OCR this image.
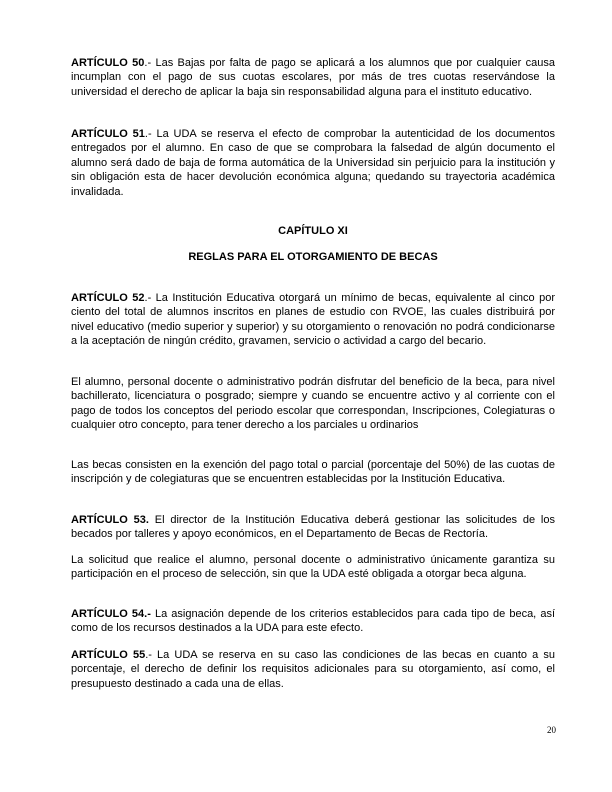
ARTÍCULO 50.- Las Bajas por falta de pago se aplicará a los alumnos que por cualquier causa incumplan con el pago de sus cuotas escolares, por más de tres cuotas reservándose la universidad el derecho de aplicar la baja sin responsabilidad alguna para el instituto educativo.

ARTÍCULO 51.- La UDA se reserva el efecto de comprobar la autenticidad de los documentos entregados por el alumno. En caso de que se comprobara la falsedad de algún documento el alumno será dado de baja de forma automática de la Universidad sin perjuicio para la institución y sin obligación esta de hacer devolución económica alguna; quedando su trayectoria académica invalidada.

CAPÍTULO XI

REGLAS PARA EL OTORGAMIENTO DE BECAS

ARTÍCULO 52.- La Institución Educativa otorgará un mínimo de becas, equivalente al cinco por ciento del total de alumnos inscritos en planes de estudio con RVOE, las cuales distribuirá por nivel educativo (medio superior y superior) y su otorgamiento o renovación no podrá condicionarse a la aceptación de ningún crédito, gravamen, servicio o actividad a cargo del becario.

El alumno, personal docente o administrativo podrán disfrutar del beneficio de la beca, para nivel bachillerato, licenciatura o posgrado; siempre y cuando se encuentre activo y al corriente con el pago de todos los conceptos del periodo escolar que correspondan, Inscripciones, Colegiaturas o cualquier otro concepto, para tener derecho a los parciales u ordinarios

Las becas consisten en la exención del pago total o parcial (porcentaje del 50%) de las cuotas de inscripción y de colegiaturas que se encuentren establecidas por la Institución Educativa.

ARTÍCULO 53. El director de la Institución Educativa deberá gestionar las solicitudes de los becados por talleres y apoyo económicos, en el Departamento de Becas de Rectoría.

La solicitud que realice el alumno, personal docente o administrativo únicamente garantiza su participación en el proceso de selección, sin que la UDA esté obligada a otorgar beca alguna.

ARTÍCULO 54.- La asignación depende de los criterios establecidos para cada tipo de beca, así como de los recursos destinados a la UDA para este efecto.

ARTÍCULO 55.- La UDA se reserva en su caso las condiciones de las becas en cuanto a su porcentaje, el derecho de definir los requisitos adicionales para su otorgamiento, así como, el presupuesto destinado a cada una de ellas.

20
